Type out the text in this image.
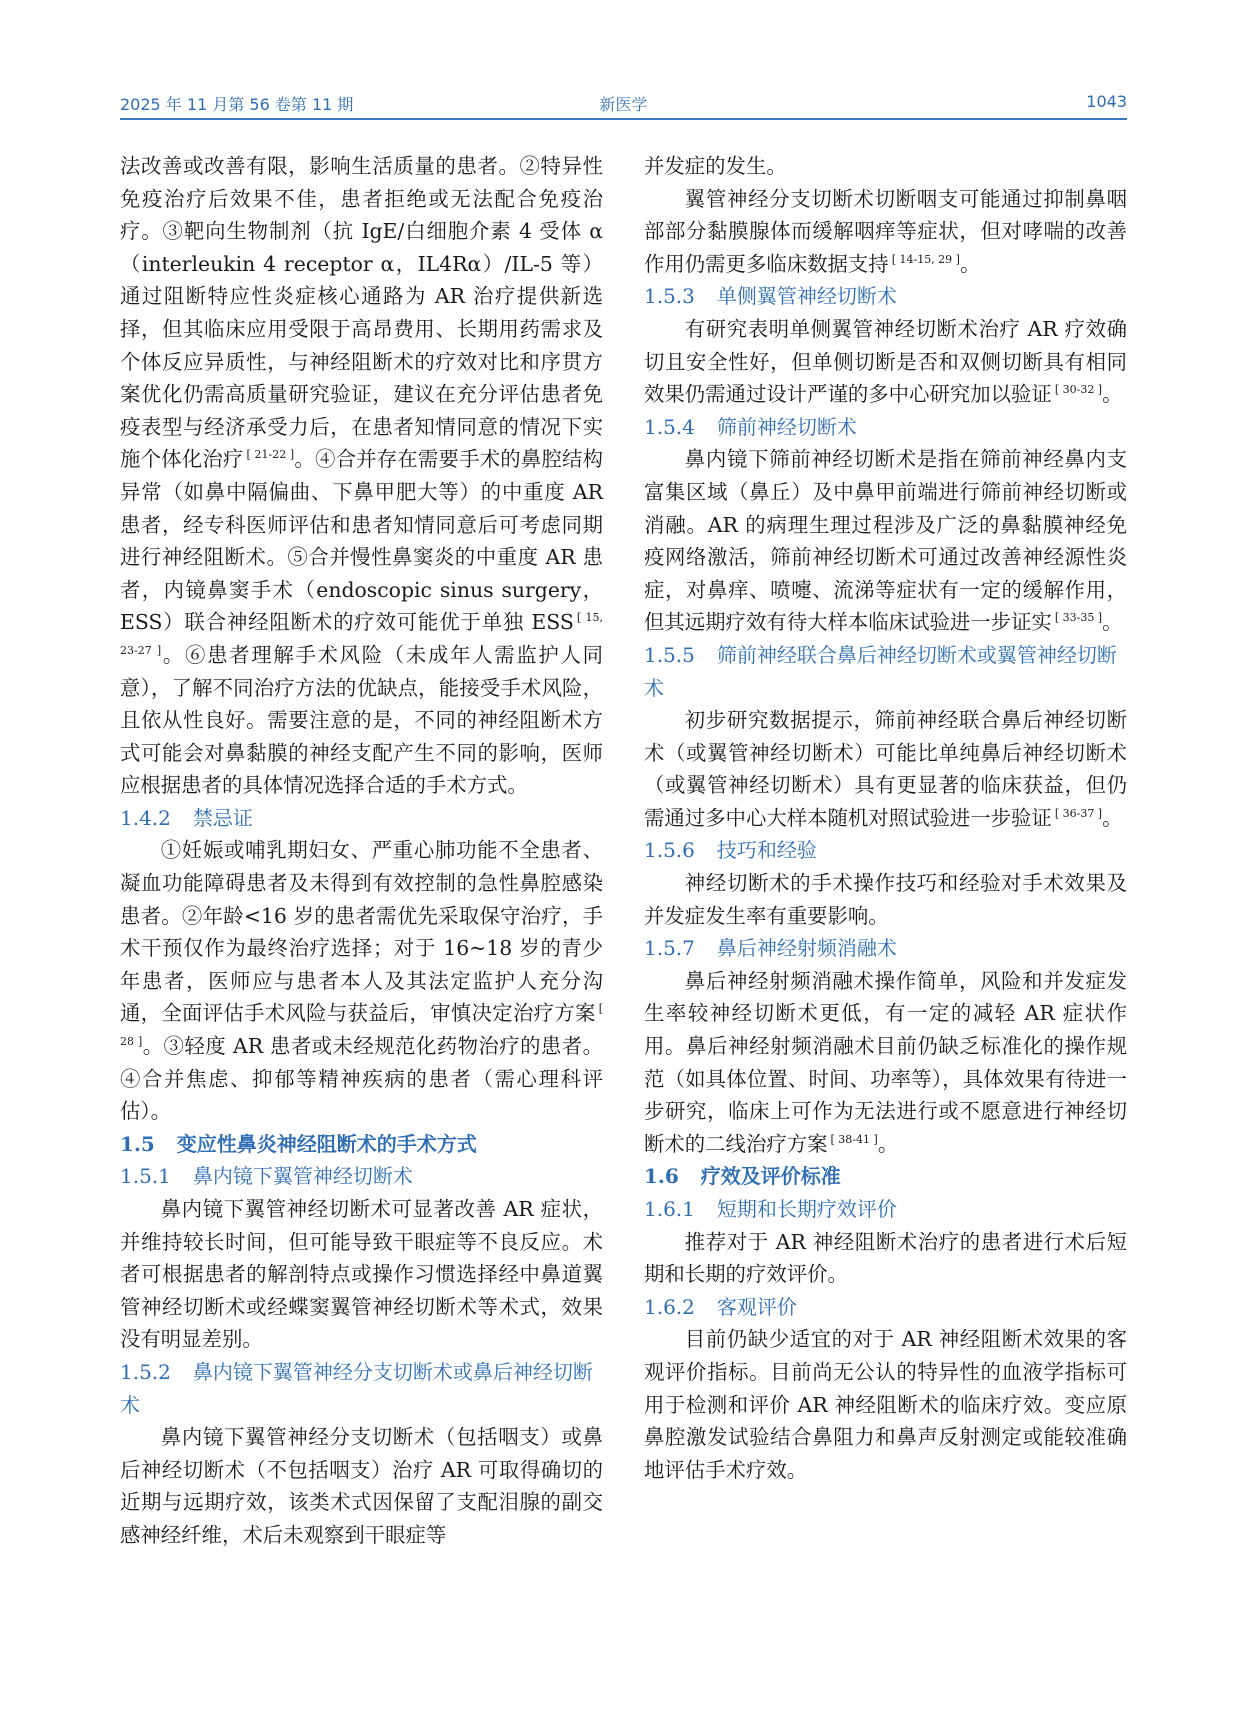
2025 年 11 月第 56 卷第 11 期	新医学	1043

法改善或改善有限，影响生活质量的患者。②特异性免疫治疗后效果不佳，患者拒绝或无法配合免疫治疗。③靶向生物制剂（抗 IgE/白细胞介素 4 受体 α（interleukin 4 receptor α，IL4Rα）/IL-5 等）通过阻断特应性炎症核心通路为 AR 治疗提供新选择，但其临床应用受限于高昂费用、长期用药需求及个体反应异质性，与神经阻断术的疗效对比和序贯方案优化仍需高质量研究验证，建议在充分评估患者免疫表型与经济承受力后，在患者知情同意的情况下实施个体化治疗 [ 21-22 ]。④合并存在需要手术的鼻腔结构异常（如鼻中隔偏曲、下鼻甲肥大等）的中重度 AR 患者，经专科医师评估和患者知情同意后可考虑同期进行神经阻断术。⑤合并慢性鼻窦炎的中重度 AR 患者，内镜鼻窦手术（endoscopic sinus surgery，ESS）联合神经阻断术的疗效可能优于单独 ESS [ 15, 23-27 ]。⑥患者理解手术风险（未成年人需监护人同意），了解不同治疗方法的优缺点，能接受手术风险，且依从性良好。需要注意的是，不同的神经阻断术方式可能会对鼻黏膜的神经支配产生不同的影响，医师应根据患者的具体情况选择合适的手术方式。

1.4.2 禁忌证

①妊娠或哺乳期妇女、严重心肺功能不全患者、凝血功能障碍患者及未得到有效控制的急性鼻腔感染患者。②年龄<16 岁的患者需优先采取保守治疗，手术干预仅作为最终治疗选择；对于 16~18 岁的青少年患者，医师应与患者本人及其法定监护人充分沟通，全面评估手术风险与获益后，审慎决定治疗方案 [ 28 ]。③轻度 AR 患者或未经规范化药物治疗的患者。④合并焦虑、抑郁等精神疾病的患者（需心理科评估）。

1.5 变应性鼻炎神经阻断术的手术方式
1.5.1 鼻内镜下翼管神经切断术

鼻内镜下翼管神经切断术可显著改善 AR 症状，并维持较长时间，但可能导致干眼症等不良反应。术者可根据患者的解剖特点或操作习惯选择经中鼻道翼管神经切断术或经蝶窦翼管神经切断术等术式，效果没有明显差别。

1.5.2 鼻内镜下翼管神经分支切断术或鼻后神经切断术

鼻内镜下翼管神经分支切断术（包括咽支）或鼻后神经切断术（不包括咽支）治疗 AR 可取得确切的近期与远期疗效，该类术式因保留了支配泪腺的副交感神经纤维，术后未观察到干眼症等

并发症的发生。

翼管神经分支切断术切断咽支可能通过抑制鼻咽部部分黏膜腺体而缓解咽痒等症状，但对哮喘的改善作用仍需更多临床数据支持 [ 14-15, 29 ]。

1.5.3 单侧翼管神经切断术

有研究表明单侧翼管神经切断术治疗 AR 疗效确切且安全性好，但单侧切断是否和双侧切断具有相同效果仍需通过设计严谨的多中心研究加以验证 [ 30-32 ]。

1.5.4 筛前神经切断术

鼻内镜下筛前神经切断术是指在筛前神经鼻内支富集区域（鼻丘）及中鼻甲前端进行筛前神经切断或消融。AR 的病理生理过程涉及广泛的鼻黏膜神经免疫网络激活，筛前神经切断术可通过改善神经源性炎症，对鼻痒、喷嚏、流涕等症状有一定的缓解作用，但其远期疗效有待大样本临床试验进一步证实 [ 33-35 ]。

1.5.5 筛前神经联合鼻后神经切断术或翼管神经切断术

初步研究数据提示，筛前神经联合鼻后神经切断术（或翼管神经切断术）可能比单纯鼻后神经切断术（或翼管神经切断术）具有更显著的临床获益，但仍需通过多中心大样本随机对照试验进一步验证 [ 36-37 ]。

1.5.6 技巧和经验

神经切断术的手术操作技巧和经验对手术效果及并发症发生率有重要影响。

1.5.7 鼻后神经射频消融术

鼻后神经射频消融术操作简单，风险和并发症发生率较神经切断术更低，有一定的减轻 AR 症状作用。鼻后神经射频消融术目前仍缺乏标准化的操作规范（如具体位置、时间、功率等），具体效果有待进一步研究，临床上可作为无法进行或不愿意进行神经切断术的二线治疗方案 [ 38-41 ]。

1.6 疗效及评价标准
1.6.1 短期和长期疗效评价

推荐对于 AR 神经阻断术治疗的患者进行术后短期和长期的疗效评价。

1.6.2 客观评价

目前仍缺少适宜的对于 AR 神经阻断术效果的客观评价指标。目前尚无公认的特异性的血液学指标可用于检测和评价 AR 神经阻断术的临床疗效。变应原鼻腔激发试验结合鼻阻力和鼻声反射测定或能较准确地评估手术疗效。
